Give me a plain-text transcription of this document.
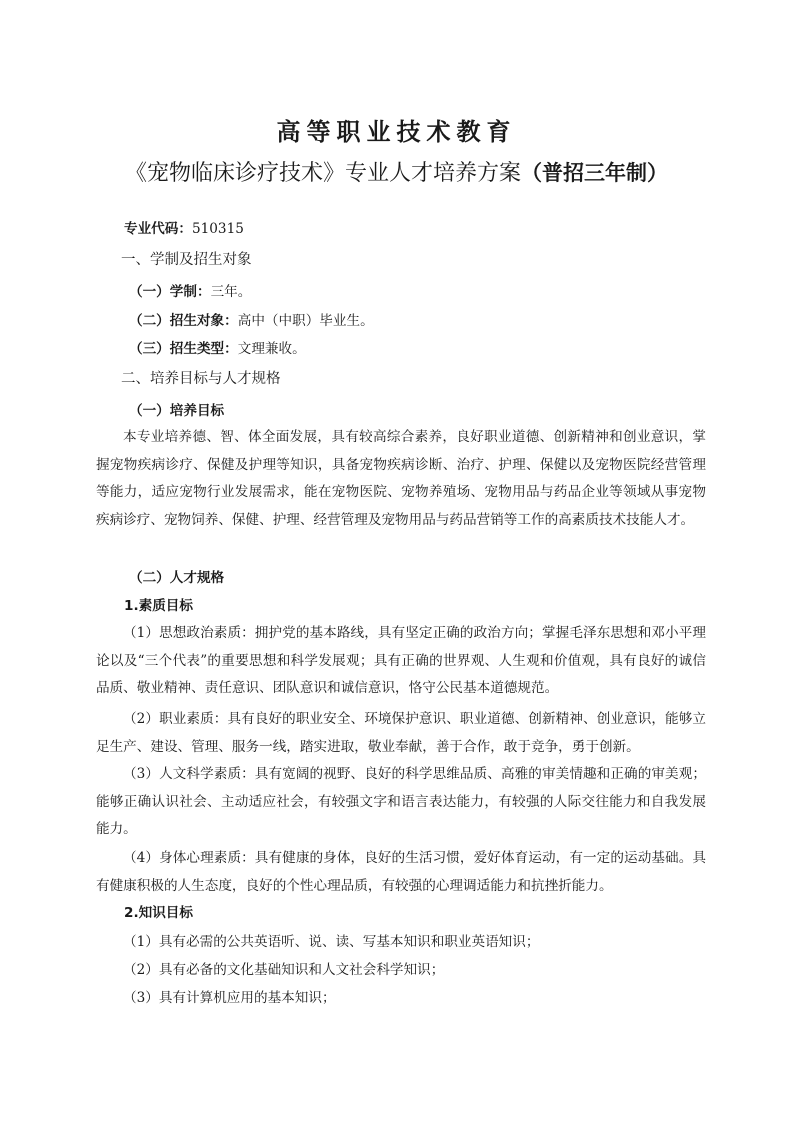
高等职业技术教育
《宠物临床诊疗技术》专业人才培养方案（普招三年制）
专业代码：510315
一、学制及招生对象
（一）学制：三年。
（二）招生对象：高中（中职）毕业生。
（三）招生类型：文理兼收。
二、培养目标与人才规格
（一）培养目标
本专业培养德、智、体全面发展，具有较高综合素养，良好职业道德、创新精神和创业意识，掌握宠物疾病诊疗、保健及护理等知识，具备宠物疾病诊断、治疗、护理、保健以及宠物医院经营管理等能力，适应宠物行业发展需求，能在宠物医院、宠物养殖场、宠物用品与药品企业等领域从事宠物疾病诊疗、宠物饲养、保健、护理、经营管理及宠物用品与药品营销等工作的高素质技术技能人才。
（二）人才规格
1.素质目标
（1）思想政治素质：拥护党的基本路线，具有坚定正确的政治方向；掌握毛泽东思想和邓小平理论以及“三个代表”的重要思想和科学发展观；具有正确的世界观、人生观和价值观，具有良好的诚信品质、敬业精神、责任意识、团队意识和诚信意识，恪守公民基本道德规范。
（2）职业素质：具有良好的职业安全、环境保护意识、职业道德、创新精神、创业意识，能够立足生产、建设、管理、服务一线，踏实进取，敬业奉献，善于合作，敢于竞争，勇于创新。
（3）人文科学素质：具有宽阔的视野、良好的科学思维品质、高雅的审美情趣和正确的审美观；能够正确认识社会、主动适应社会，有较强文字和语言表达能力，有较强的人际交往能力和自我发展能力。
（4）身体心理素质：具有健康的身体，良好的生活习惯，爱好体育运动，有一定的运动基础。具有健康积极的人生态度，良好的个性心理品质，有较强的心理调适能力和抗挫折能力。
2.知识目标
（1）具有必需的公共英语听、说、读、写基本知识和职业英语知识；
（2）具有必备的文化基础知识和人文社会科学知识；
（3）具有计算机应用的基本知识；
